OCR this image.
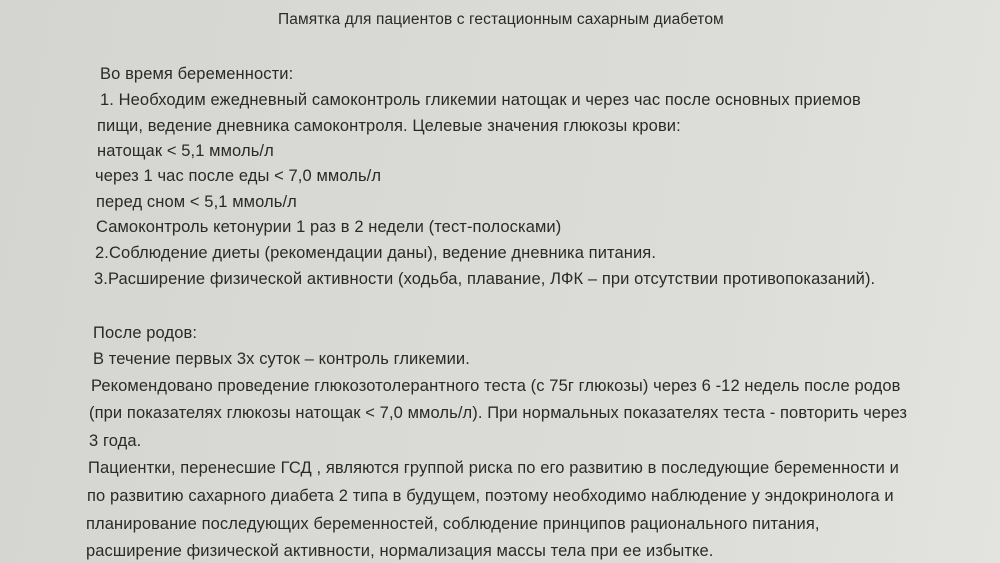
Памятка для пациентов с гестационным сахарным диабетом
Во время беременности:
1. Необходим ежедневный самоконтроль гликемии натощак и через час после основных приемов
пищи, ведение дневника самоконтроля. Целевые значения глюкозы крови:
натощак < 5,1 ммоль/л
через 1 час после еды < 7,0 ммоль/л
перед сном < 5,1 ммоль/л
Самоконтроль кетонурии 1 раз в 2 недели (тест-полосками)
2.Соблюдение диеты (рекомендации даны), ведение дневника питания.
3.Расширение физической активности (ходьба, плавание, ЛФК – при отсутствии противопоказаний).
После родов:
В течение первых 3х суток – контроль гликемии.
Рекомендовано проведение глюкозотолерантного теста (с 75г глюкозы) через 6 -12 недель после родов
(при показателях глюкозы натощак < 7,0 ммоль/л). При нормальных показателях теста - повторить через
3 года.
Пациентки, перенесшие ГСД , являются группой риска по его развитию в последующие беременности и
по развитию сахарного диабета 2 типа в будущем, поэтому необходимо наблюдение у эндокринолога и
планирование последующих беременностей, соблюдение принципов рационального питания,
расширение физической активности, нормализация массы тела при ее избытке.
